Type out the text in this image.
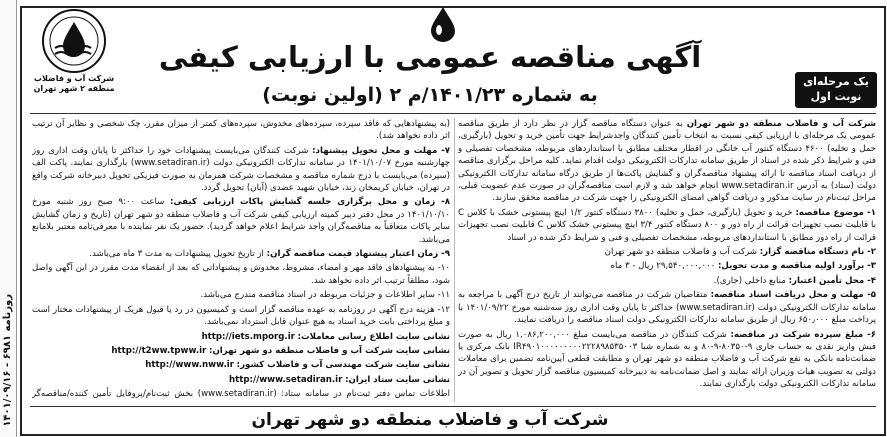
روزنامه ۶۹۸۱ - ۱۴۰۱/۰۹/۱۶
شرکت آب و فاضلاب
منطقه ۲ شهر تهران
آگهی مناقصه عمومی با ارزیابی کیفی
به شماره ۱۴۰۱/۲۳/م ۲ (اولین نوبت)
یک مرحله‌ای
نوبت اول

شرکت آب و فاضلاب منطقه دو شهر تهران به عنوان دستگاه مناقصه گزار در نظر دارد از طریق مناقصه عمومی یک مرحله‌ای با ارزیابی کیفی نسبت به انتخاب تأمین کنندگان واجدشرایط جهت تأمین خرید و تحویل (بارگیری، حمل و تخلیه) ۴۶۰۰ دستگاه کنتور آب خانگی در اقطار مختلف مطابق با استانداردهای مربوطه، مشخصات تفصیلی و فنی و شرایط ذکر شده در اسناد از طریق سامانه تدارکات الکترونیکی دولت اقدام نماید. کلیه مراحل برگزاری مناقصه از دریافت اسناد مناقصه تا ارائه پیشنهاد مناقصه‌گران و گشایش پاکت‌ها از طریق درگاه سامانه تدارکات الکترونیکی دولت (ستاد) به آدرس www.setadiran.ir انجام خواهد شد و لازم است مناقصه‌گران در صورت عدم عضویت قبلی، مراحل ثبت‌نام در سایت مذکور و دریافت گواهی امضای الکترونیکی را جهت شرکت در مناقصه محقق سازند.

۱- موضوع مناقصه: خرید و تحویل (بارگیری، حمل و تخلیه) ۳۸۰۰ دستگاه کنتور ۱/۲ اینچ پیستونی خشک با کلاس C با قابلیت نصب تجهیزات قرائت از راه دور و ۸۰۰ دستگاه کنتور ۳/۴ اینچ پیستونی خشک کلاس C قابلیت نصب تجهیزات قرائت از راه دور مطابق با استانداردهای مربوطه، مشخصات تفصیلی و فنی و شرایط ذکر شده در اسناد

۲- نام دستگاه مناقصه گزار: شرکت آب و فاضلاب منطقه دو شهر تهران

۳- برآورد اولیه مناقصه و مدت تحویل: ۲۹,۵۴۰,۰۰۰,۰۰۰ ریال - ۳ ماه

۴- محل تأمین اعتبار: منابع داخلی (جاری).

۵- مهلت و محل دریافت اسناد مناقصه: متقاضیان شرکت در مناقصه می‌توانند از تاریخ درج آگهی با مراجعه به سامانه تدارکات الکترونیکی دولت (www.setadiran.ir) حداکثر تا پایان وقت اداری روز سه‌شنبه مورخ ۱۴۰۱/۰۹/۲۲ با پرداخت مبلغ ۶۵۰٫۰۰۰ ریال از طریق سامانه تدارکات الکترونیکی دولت اسناد مناقصه را دریافت نمایند.

۶- مبلغ سپرده شرکت در مناقصه: شرکت کنندگان در مناقصه می‌بایست مبلغ ۱,۰۸۶,۲۰۰,۰۰۰ ریال به صورت فیش واریز نقدی به حساب جاری ۹-۸۰۳۵۰-۹-۸۰ و به شماره شبا IR۴۹۰۱۰۰۰۰۰۰۰۰۰۲۲۲۸۹۸۵۳۵۰۰۳ بانک مرکزی یا ضمانت‌نامه بانکی به نفع شرکت آب و فاضلاب منطقه دو شهر تهران و مطابقت قطعی آیین‌نامه تضمین برای معاملات دولتی به تصویب هیات وزیران ارائه نمایند و اصل ضمانت‌نامه به دبیرخانه کمیسیون مناقصه گزار تحویل و تصویر آن در سامانه تدارکات الکترونیکی دولت بارگذاری نمایند.

(به پیشنهادهایی که فاقد سپرده، سپرده‌های مخدوش، سپرده‌های کمتر از میزان مقرر، چک شخصی و نظایر آن ترتیب اثر داده نخواهد شد).

۷- مهلت و محل تحویل پیشنهاد: شرکت کنندگان می‌بایست پیشنهادات خود را حداکثر تا پایان وقت اداری روز چهارشنبه مورخ ۱۴۰۱/۱۰/۰۷ در سامانه تدارکات الکترونیکی دولت (www.setadiran.ir) بارگذاری نمایند. پاکت الف (سپرده) می‌بایست با درج شماره مناقصه و مشخصات شرکت همزمان به صورت فیزیکی تحویل دبیرخانه شرکت واقع در تهران، خیابان کریمخان زند، خیابان شهید عضدی (آبان) تحویل گردد.

۸- زمان و محل برگزاری جلسه گشایش پاکات ارزیابی کیفی: ساعت ۹:۰۰ صبح روز شنبه مورخ ۱۴۰۱/۱۰/۱۰ در محل دفتر دبیر کمیته ارزیابی کیفی شرکت آب و فاضلاب منطقه دو شهر تهران (تاریخ و زمان گشایش سایر پاکات متعاقباً به مناقصه‌گران واجد شرایط اعلام خواهد گردید). حضور یک نفر نماینده با معرفی‌نامه معتبر بلامانع می‌باشد.

۹- زمان اعتبار پیشنهاد قیمت مناقصه گران: از تاریخ تحویل پیشنهادات به مدت ۳ ماه می‌باشد.

۱۰- به پیشنهادهای فاقد مهر و امضاء، مشروط، مخدوش و پیشنهاداتی که بعد از انقضاء مدت مقرر در این آگهی واصل شود، مطلقاً ترتیب اثر داده نخواهد شد.

۱۱- سایر اطلاعات و جزئیات مربوطه در اسناد مناقصه مندرج می‌باشد.

۱۲- هزینه درج آگهی در روزنامه به عهده مناقصه گزار است و کمیسیون در رد یا قبول هریک از پیشنهادات مختار است و مبلغ پرداختی بابت خرید اسناد به هیچ عنوان قابل استرداد نمی‌باشد.

نشانی سایت اطلاع رسانی معاملات: http://iets.mporg.ir

نشانی سایت شرکت آب و فاضلاب منطقه دو شهر تهران: http://t2ww.tpww.ir

نشانی سایت شرکت مهندسی آب و فاضلاب کشور: http://www.nww.ir

نشانی سایت ستاد ایران: http://www.setadiran.ir

اطلاعات تماس دفتر ثبت‌نام در سامانه ستاد: (www.setadiran.ir) بخش ثبت‌نام/پروفایل تأمین کننده/مناقصه‌گر

شرکت آب و فاضلاب منطقه دو شهر تهران
